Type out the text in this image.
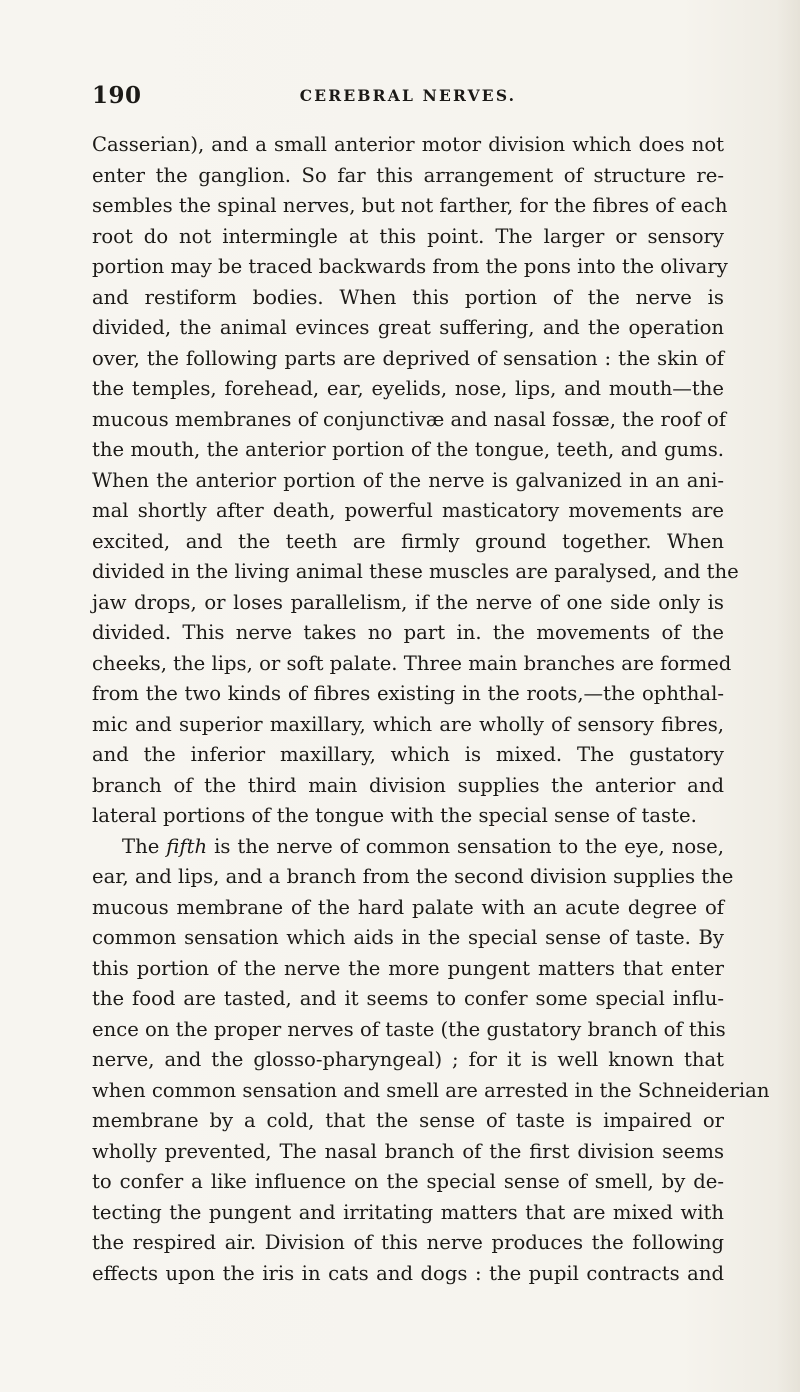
190	CEREBRAL NERVES.
Casserian), and a small anterior motor division which does not
enter the ganglion. So far this arrangement of structure re-
sembles the spinal nerves, but not farther, for the fibres of each
root do not intermingle at this point. The larger or sensory
portion may be traced backwards from the pons into the olivary
and restiform bodies. When this portion of the nerve is
divided, the animal evinces great suffering, and the operation
over, the following parts are deprived of sensation : the skin of
the temples, forehead, ear, eyelids, nose, lips, and mouth—the
mucous membranes of conjunctivæ and nasal fossæ, the roof of
the mouth, the anterior portion of the tongue, teeth, and gums.
When the anterior portion of the nerve is galvanized in an ani-
mal shortly after death, powerful masticatory movements are
excited, and the teeth are firmly ground together. When
divided in the living animal these muscles are paralysed, and the
jaw drops, or loses parallelism, if the nerve of one side only is
divided. This nerve takes no part in. the movements of the
cheeks, the lips, or soft palate. Three main branches are formed
from the two kinds of fibres existing in the roots,—the ophthal-
mic and superior maxillary, which are wholly of sensory fibres,
and the inferior maxillary, which is mixed. The gustatory
branch of the third main division supplies the anterior and
lateral portions of the tongue with the special sense of taste.
The fifth is the nerve of common sensation to the eye, nose,
ear, and lips, and a branch from the second division supplies the
mucous membrane of the hard palate with an acute degree of
common sensation which aids in the special sense of taste. By
this portion of the nerve the more pungent matters that enter
the food are tasted, and it seems to confer some special influ-
ence on the proper nerves of taste (the gustatory branch of this
nerve, and the glosso-pharyngeal) ; for it is well known that
when common sensation and smell are arrested in the Schneiderian
membrane by a cold, that the sense of taste is impaired or
wholly prevented, The nasal branch of the first division seems
to confer a like influence on the special sense of smell, by de-
tecting the pungent and irritating matters that are mixed with
the respired air. Division of this nerve produces the following
effects upon the iris in cats and dogs : the pupil contracts and
